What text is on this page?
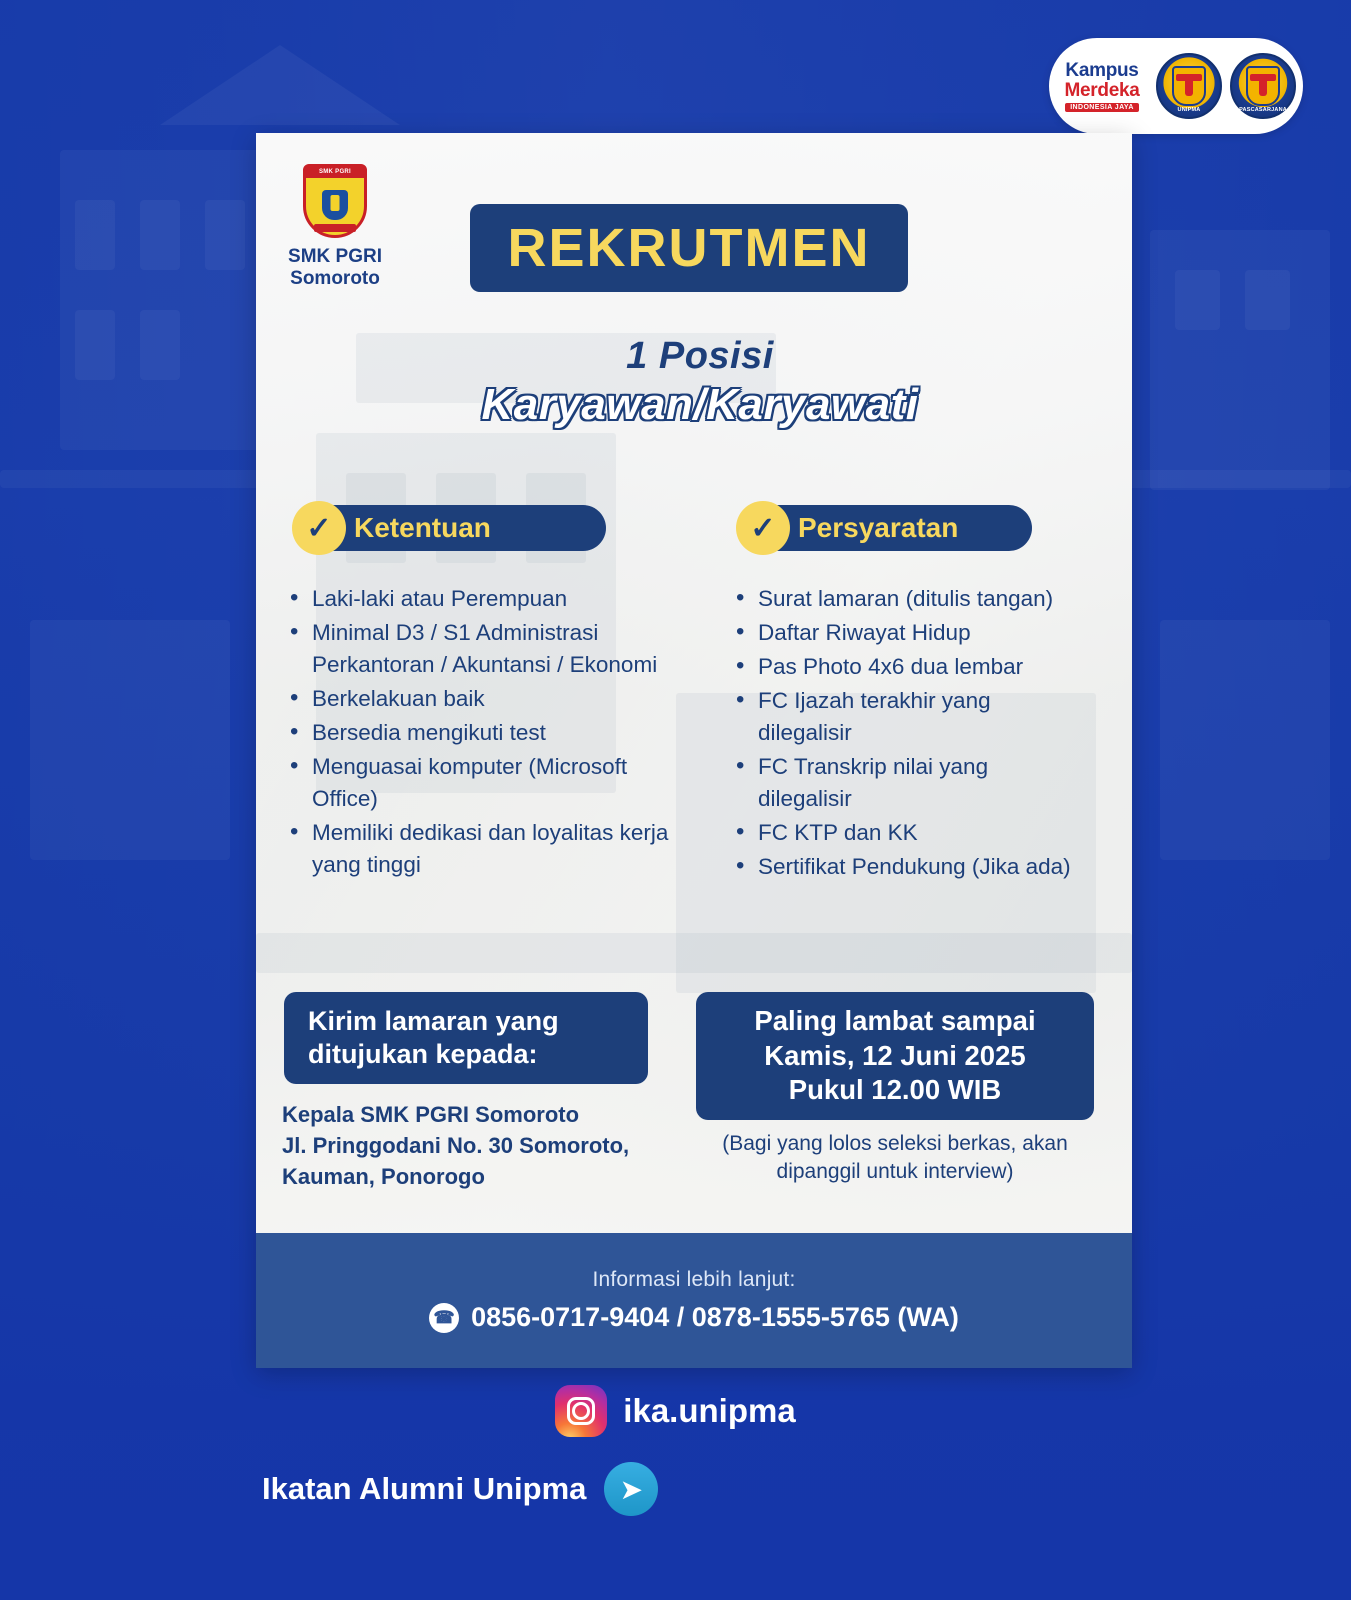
Kampus
Merdeka
INDONESIA JAYA	UNIPMA	PASCASARJANA
Informasi lebih lanjut:
☎ 0856-0717-9404 / 0878-1555-5765 (WA)
SMK PGRI
SMK PGRI
Somoroto
REKRUTMEN
1 Posisi
Karyawan/Karyawati
✓ Ketentuan
• Laki-laki atau Perempuan
• Minimal D3 / S1 Administrasi Perkantoran / Akuntansi / Ekonomi
• Berkelakuan baik
• Bersedia mengikuti test
• Menguasai komputer (Microsoft Office)
• Memiliki dedikasi dan loyalitas kerja yang tinggi
✓ Persyaratan
• Surat lamaran (ditulis tangan)
• Daftar Riwayat Hidup
• Pas Photo 4x6 dua lembar
• FC Ijazah terakhir yang dilegalisir
• FC Transkrip nilai yang dilegalisir
• FC KTP dan KK
• Sertifikat Pendukung (Jika ada)
Kirim lamaran yang
ditujukan kepada:
Kepala SMK PGRI Somoroto
Jl. Pringgodani No. 30 Somoroto,
Kauman, Ponorogo
Paling lambat sampai
Kamis, 12 Juni 2025
Pukul 12.00 WIB
(Bagi yang lolos seleksi berkas, akan
dipanggil untuk interview)
ika.unipma
Ikatan Alumni Unipma	➤
